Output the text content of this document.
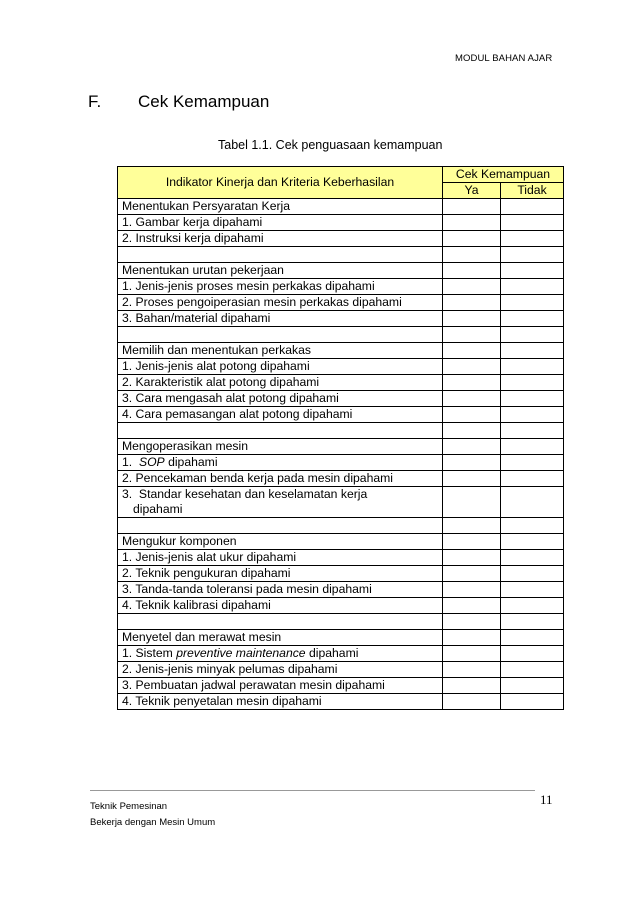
MODUL BAHAN AJAR
F. Cek Kemampuan
Tabel 1.1. Cek penguasaan kemampuan
Indikator Kinerja dan Kriteria Keberhasilan	Cek Kemampuan	
	Ya	Tidak
Menentukan Persyaratan Kerja		
1. Gambar kerja dipahami		
2. Instruksi kerja dipahami		

Menentukan urutan pekerjaan		
1. Jenis-jenis proses mesin perkakas dipahami		
2. Proses pengoiperasian mesin perkakas dipahami		
3. Bahan/material dipahami		

Memilih dan menentukan perkakas		
1. Jenis-jenis alat potong dipahami		
2. Karakteristik alat potong dipahami		
3. Cara mengasah alat potong dipahami		
4. Cara pemasangan alat potong dipahami		

Mengoperasikan mesin		
1.  SOP dipahami		
2. Pencekaman benda kerja pada mesin dipahami		
3.  Standar kesehatan dan keselamatan kerja
dipahami		

Mengukur komponen		
1. Jenis-jenis alat ukur dipahami		
2. Teknik pengukuran dipahami		
3. Tanda-tanda toleransi pada mesin dipahami		
4. Teknik kalibrasi dipahami		

Menyetel dan merawat mesin		
1. Sistem preventive maintenance dipahami		
2. Jenis-jenis minyak pelumas dipahami		
3. Pembuatan jadwal perawatan mesin dipahami		
4. Teknik penyetalan mesin dipahami		
11
Teknik Pemesinan
Bekerja dengan Mesin Umum
